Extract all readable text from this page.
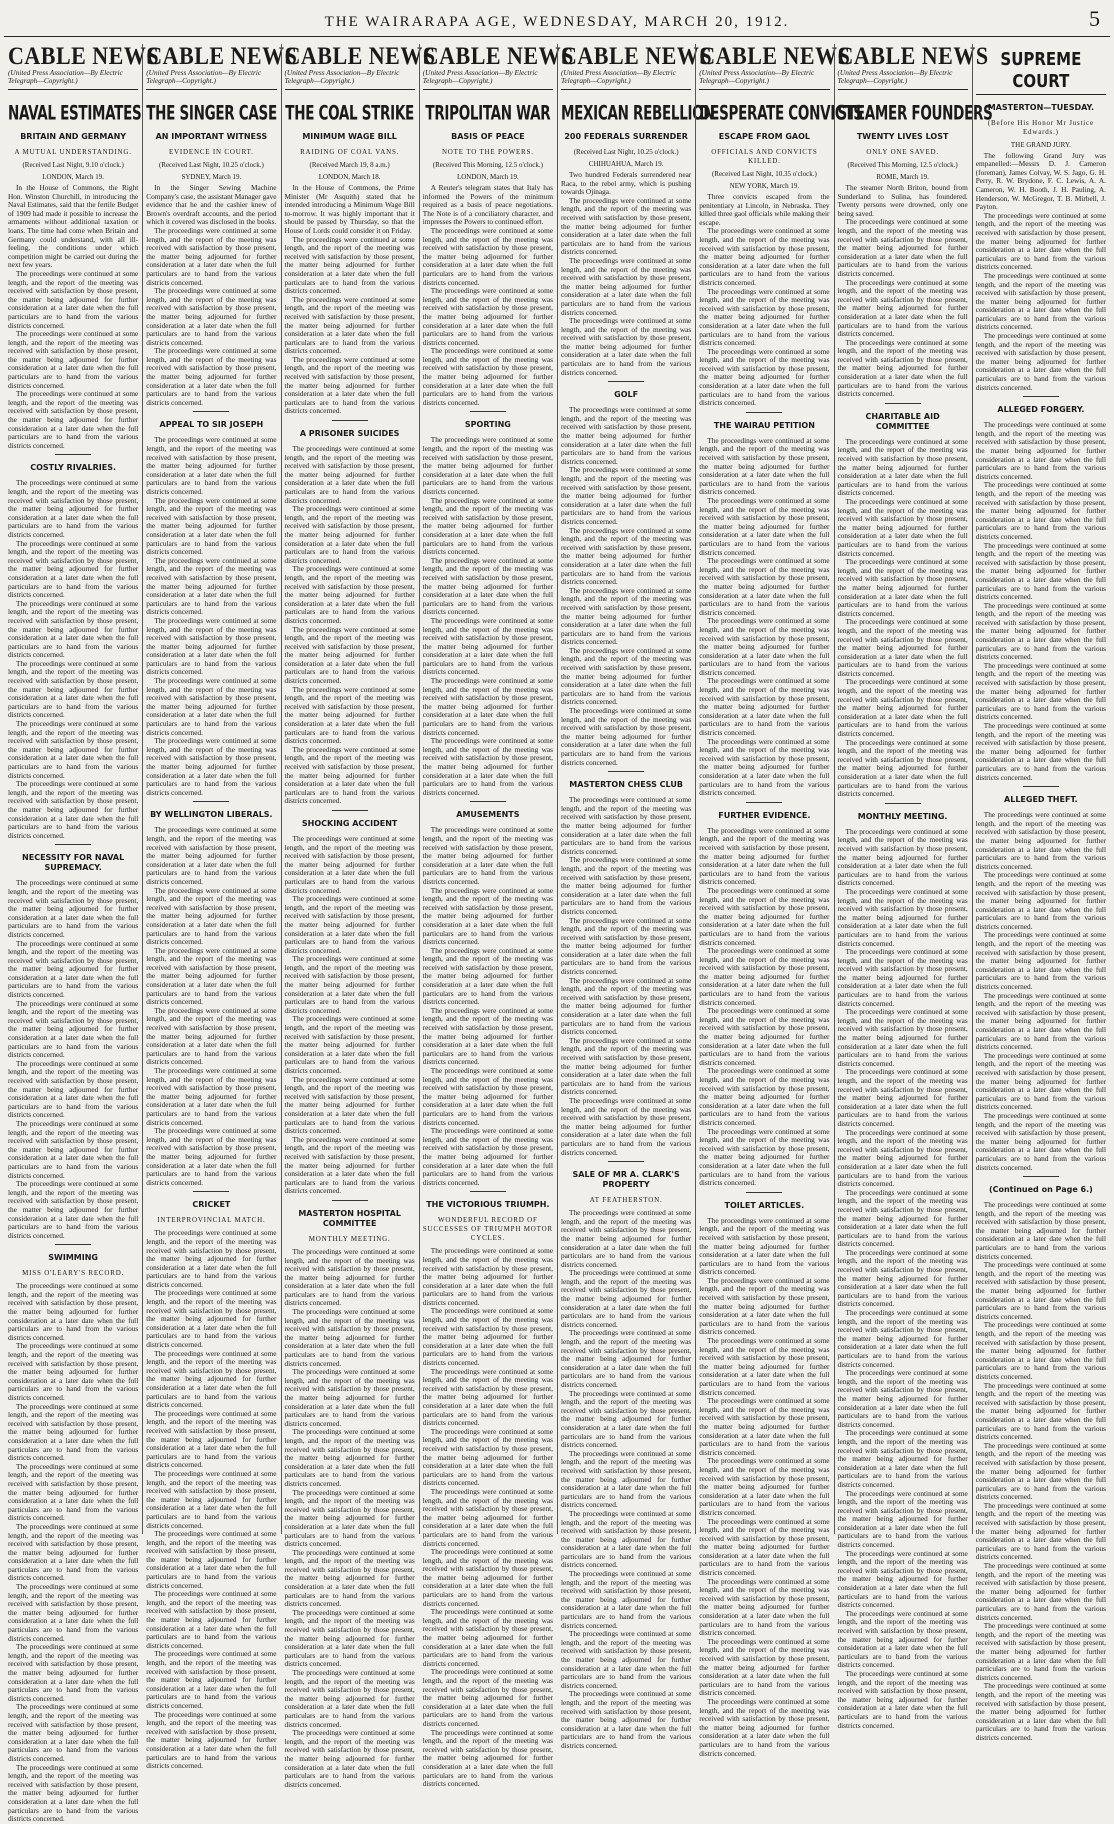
THE WAIRARAPA AGE, WEDNESDAY, MARCH 20, 1912.	5
CABLE NEWS
(United Press Association—By Electric Telegraph—Copyright.)
NAVAL ESTIMATES
BRITAIN AND GERMANY
A MUTUAL UNDERSTANDING.
(Received Last Night, 9.10 o'clock.)
LONDON, March 19.

In the House of Commons, the Right Hon. Winston Churchill, in introducing the Naval Estimates, said that the fertile Budget of 1909 had made it possible to increase the armaments without additional taxation or loans. The time had come when Britain and Germany could understand, with all ill-feeling, the conditions under which competition might be carried out during the next few years.

The proceedings were continued at some length, and the report of the meeting was received with satisfaction by those present, the matter being adjourned for further consideration at a later date when the full particulars are to hand from the various districts concerned.

The proceedings were continued at some length, and the report of the meeting was received with satisfaction by those present, the matter being adjourned for further consideration at a later date when the full particulars are to hand from the various districts concerned.

The proceedings were continued at some length, and the report of the meeting was received with satisfaction by those present, the matter being adjourned for further consideration at a later date when the full particulars are to hand from the various districts concerned.

COSTLY RIVALRIES.

The proceedings were continued at some length, and the report of the meeting was received with satisfaction by those present, the matter being adjourned for further consideration at a later date when the full particulars are to hand from the various districts concerned.

The proceedings were continued at some length, and the report of the meeting was received with satisfaction by those present, the matter being adjourned for further consideration at a later date when the full particulars are to hand from the various districts concerned.

The proceedings were continued at some length, and the report of the meeting was received with satisfaction by those present, the matter being adjourned for further consideration at a later date when the full particulars are to hand from the various districts concerned.

The proceedings were continued at some length, and the report of the meeting was received with satisfaction by those present, the matter being adjourned for further consideration at a later date when the full particulars are to hand from the various districts concerned.

The proceedings were continued at some length, and the report of the meeting was received with satisfaction by those present, the matter being adjourned for further consideration at a later date when the full particulars are to hand from the various districts concerned.

The proceedings were continued at some length, and the report of the meeting was received with satisfaction by those present, the matter being adjourned for further consideration at a later date when the full particulars are to hand from the various districts concerned.

NECESSITY FOR NAVAL SUPREMACY.

The proceedings were continued at some length, and the report of the meeting was received with satisfaction by those present, the matter being adjourned for further consideration at a later date when the full particulars are to hand from the various districts concerned.

The proceedings were continued at some length, and the report of the meeting was received with satisfaction by those present, the matter being adjourned for further consideration at a later date when the full particulars are to hand from the various districts concerned.

The proceedings were continued at some length, and the report of the meeting was received with satisfaction by those present, the matter being adjourned for further consideration at a later date when the full particulars are to hand from the various districts concerned.

The proceedings were continued at some length, and the report of the meeting was received with satisfaction by those present, the matter being adjourned for further consideration at a later date when the full particulars are to hand from the various districts concerned.

The proceedings were continued at some length, and the report of the meeting was received with satisfaction by those present, the matter being adjourned for further consideration at a later date when the full particulars are to hand from the various districts concerned.

The proceedings were continued at some length, and the report of the meeting was received with satisfaction by those present, the matter being adjourned for further consideration at a later date when the full particulars are to hand from the various districts concerned.

SWIMMING
MISS O'LEARY'S RECORD.

The proceedings were continued at some length, and the report of the meeting was received with satisfaction by those present, the matter being adjourned for further consideration at a later date when the full particulars are to hand from the various districts concerned.

The proceedings were continued at some length, and the report of the meeting was received with satisfaction by those present, the matter being adjourned for further consideration at a later date when the full particulars are to hand from the various districts concerned.

The proceedings were continued at some length, and the report of the meeting was received with satisfaction by those present, the matter being adjourned for further consideration at a later date when the full particulars are to hand from the various districts concerned.

The proceedings were continued at some length, and the report of the meeting was received with satisfaction by those present, the matter being adjourned for further consideration at a later date when the full particulars are to hand from the various districts concerned.

The proceedings were continued at some length, and the report of the meeting was received with satisfaction by those present, the matter being adjourned for further consideration at a later date when the full particulars are to hand from the various districts concerned.

The proceedings were continued at some length, and the report of the meeting was received with satisfaction by those present, the matter being adjourned for further consideration at a later date when the full particulars are to hand from the various districts concerned.

The proceedings were continued at some length, and the report of the meeting was received with satisfaction by those present, the matter being adjourned for further consideration at a later date when the full particulars are to hand from the various districts concerned.

The proceedings were continued at some length, and the report of the meeting was received with satisfaction by those present, the matter being adjourned for further consideration at a later date when the full particulars are to hand from the various districts concerned.

The proceedings were continued at some length, and the report of the meeting was received with satisfaction by those present, the matter being adjourned for further consideration at a later date when the full particulars are to hand from the various districts concerned.

CABLE NEWS
(United Press Association—By Electric Telegraph—Copyright.)
THE SINGER CASE
AN IMPORTANT WITNESS
EVIDENCE IN COURT.
(Received Last Night, 10.25 o'clock.)
SYDNEY, March 19.

In the Singer Sewing Machine Company's case, the assistant Manager gave evidence that he and the cashier knew of Brown's overdraft accounts, and the period which it covered was disclosed in the books.

The proceedings were continued at some length, and the report of the meeting was received with satisfaction by those present, the matter being adjourned for further consideration at a later date when the full particulars are to hand from the various districts concerned.

The proceedings were continued at some length, and the report of the meeting was received with satisfaction by those present, the matter being adjourned for further consideration at a later date when the full particulars are to hand from the various districts concerned.

The proceedings were continued at some length, and the report of the meeting was received with satisfaction by those present, the matter being adjourned for further consideration at a later date when the full particulars are to hand from the various districts concerned.

APPEAL TO SIR JOSEPH

The proceedings were continued at some length, and the report of the meeting was received with satisfaction by those present, the matter being adjourned for further consideration at a later date when the full particulars are to hand from the various districts concerned.

The proceedings were continued at some length, and the report of the meeting was received with satisfaction by those present, the matter being adjourned for further consideration at a later date when the full particulars are to hand from the various districts concerned.

The proceedings were continued at some length, and the report of the meeting was received with satisfaction by those present, the matter being adjourned for further consideration at a later date when the full particulars are to hand from the various districts concerned.

The proceedings were continued at some length, and the report of the meeting was received with satisfaction by those present, the matter being adjourned for further consideration at a later date when the full particulars are to hand from the various districts concerned.

The proceedings were continued at some length, and the report of the meeting was received with satisfaction by those present, the matter being adjourned for further consideration at a later date when the full particulars are to hand from the various districts concerned.

The proceedings were continued at some length, and the report of the meeting was received with satisfaction by those present, the matter being adjourned for further consideration at a later date when the full particulars are to hand from the various districts concerned.

BY WELLINGTON LIBERALS.

The proceedings were continued at some length, and the report of the meeting was received with satisfaction by those present, the matter being adjourned for further consideration at a later date when the full particulars are to hand from the various districts concerned.

The proceedings were continued at some length, and the report of the meeting was received with satisfaction by those present, the matter being adjourned for further consideration at a later date when the full particulars are to hand from the various districts concerned.

The proceedings were continued at some length, and the report of the meeting was received with satisfaction by those present, the matter being adjourned for further consideration at a later date when the full particulars are to hand from the various districts concerned.

The proceedings were continued at some length, and the report of the meeting was received with satisfaction by those present, the matter being adjourned for further consideration at a later date when the full particulars are to hand from the various districts concerned.

The proceedings were continued at some length, and the report of the meeting was received with satisfaction by those present, the matter being adjourned for further consideration at a later date when the full particulars are to hand from the various districts concerned.

The proceedings were continued at some length, and the report of the meeting was received with satisfaction by those present, the matter being adjourned for further consideration at a later date when the full particulars are to hand from the various districts concerned.

CRICKET
INTERPROVINCIAL MATCH.

The proceedings were continued at some length, and the report of the meeting was received with satisfaction by those present, the matter being adjourned for further consideration at a later date when the full particulars are to hand from the various districts concerned.

The proceedings were continued at some length, and the report of the meeting was received with satisfaction by those present, the matter being adjourned for further consideration at a later date when the full particulars are to hand from the various districts concerned.

The proceedings were continued at some length, and the report of the meeting was received with satisfaction by those present, the matter being adjourned for further consideration at a later date when the full particulars are to hand from the various districts concerned.

The proceedings were continued at some length, and the report of the meeting was received with satisfaction by those present, the matter being adjourned for further consideration at a later date when the full particulars are to hand from the various districts concerned.

The proceedings were continued at some length, and the report of the meeting was received with satisfaction by those present, the matter being adjourned for further consideration at a later date when the full particulars are to hand from the various districts concerned.

The proceedings were continued at some length, and the report of the meeting was received with satisfaction by those present, the matter being adjourned for further consideration at a later date when the full particulars are to hand from the various districts concerned.

The proceedings were continued at some length, and the report of the meeting was received with satisfaction by those present, the matter being adjourned for further consideration at a later date when the full particulars are to hand from the various districts concerned.

The proceedings were continued at some length, and the report of the meeting was received with satisfaction by those present, the matter being adjourned for further consideration at a later date when the full particulars are to hand from the various districts concerned.

The proceedings were continued at some length, and the report of the meeting was received with satisfaction by those present, the matter being adjourned for further consideration at a later date when the full particulars are to hand from the various districts concerned.

CABLE NEWS
(United Press Association—By Electric Telegraph—Copyright.)
THE COAL STRIKE
MINIMUM WAGE BILL
RAIDING OF COAL VANS.
(Received March 19, 8 a.m.)
LONDON, March 18.

In the House of Commons, the Prime Minister (Mr Asquith) stated that he intended introducing a Minimum Wage Bill to-morrow. It was highly important that it should be passed by Thursday, so that the House of Lords could consider it on Friday.

The proceedings were continued at some length, and the report of the meeting was received with satisfaction by those present, the matter being adjourned for further consideration at a later date when the full particulars are to hand from the various districts concerned.

The proceedings were continued at some length, and the report of the meeting was received with satisfaction by those present, the matter being adjourned for further consideration at a later date when the full particulars are to hand from the various districts concerned.

The proceedings were continued at some length, and the report of the meeting was received with satisfaction by those present, the matter being adjourned for further consideration at a later date when the full particulars are to hand from the various districts concerned.

A PRISONER SUICIDES

The proceedings were continued at some length, and the report of the meeting was received with satisfaction by those present, the matter being adjourned for further consideration at a later date when the full particulars are to hand from the various districts concerned.

The proceedings were continued at some length, and the report of the meeting was received with satisfaction by those present, the matter being adjourned for further consideration at a later date when the full particulars are to hand from the various districts concerned.

The proceedings were continued at some length, and the report of the meeting was received with satisfaction by those present, the matter being adjourned for further consideration at a later date when the full particulars are to hand from the various districts concerned.

The proceedings were continued at some length, and the report of the meeting was received with satisfaction by those present, the matter being adjourned for further consideration at a later date when the full particulars are to hand from the various districts concerned.

The proceedings were continued at some length, and the report of the meeting was received with satisfaction by those present, the matter being adjourned for further consideration at a later date when the full particulars are to hand from the various districts concerned.

The proceedings were continued at some length, and the report of the meeting was received with satisfaction by those present, the matter being adjourned for further consideration at a later date when the full particulars are to hand from the various districts concerned.

SHOCKING ACCIDENT

The proceedings were continued at some length, and the report of the meeting was received with satisfaction by those present, the matter being adjourned for further consideration at a later date when the full particulars are to hand from the various districts concerned.

The proceedings were continued at some length, and the report of the meeting was received with satisfaction by those present, the matter being adjourned for further consideration at a later date when the full particulars are to hand from the various districts concerned.

The proceedings were continued at some length, and the report of the meeting was received with satisfaction by those present, the matter being adjourned for further consideration at a later date when the full particulars are to hand from the various districts concerned.

The proceedings were continued at some length, and the report of the meeting was received with satisfaction by those present, the matter being adjourned for further consideration at a later date when the full particulars are to hand from the various districts concerned.

The proceedings were continued at some length, and the report of the meeting was received with satisfaction by those present, the matter being adjourned for further consideration at a later date when the full particulars are to hand from the various districts concerned.

The proceedings were continued at some length, and the report of the meeting was received with satisfaction by those present, the matter being adjourned for further consideration at a later date when the full particulars are to hand from the various districts concerned.

MASTERTON HOSPITAL COMMITTEE
MONTHLY MEETING.

The proceedings were continued at some length, and the report of the meeting was received with satisfaction by those present, the matter being adjourned for further consideration at a later date when the full particulars are to hand from the various districts concerned.

The proceedings were continued at some length, and the report of the meeting was received with satisfaction by those present, the matter being adjourned for further consideration at a later date when the full particulars are to hand from the various districts concerned.

The proceedings were continued at some length, and the report of the meeting was received with satisfaction by those present, the matter being adjourned for further consideration at a later date when the full particulars are to hand from the various districts concerned.

The proceedings were continued at some length, and the report of the meeting was received with satisfaction by those present, the matter being adjourned for further consideration at a later date when the full particulars are to hand from the various districts concerned.

The proceedings were continued at some length, and the report of the meeting was received with satisfaction by those present, the matter being adjourned for further consideration at a later date when the full particulars are to hand from the various districts concerned.

The proceedings were continued at some length, and the report of the meeting was received with satisfaction by those present, the matter being adjourned for further consideration at a later date when the full particulars are to hand from the various districts concerned.

The proceedings were continued at some length, and the report of the meeting was received with satisfaction by those present, the matter being adjourned for further consideration at a later date when the full particulars are to hand from the various districts concerned.

The proceedings were continued at some length, and the report of the meeting was received with satisfaction by those present, the matter being adjourned for further consideration at a later date when the full particulars are to hand from the various districts concerned.

The proceedings were continued at some length, and the report of the meeting was received with satisfaction by those present, the matter being adjourned for further consideration at a later date when the full particulars are to hand from the various districts concerned.

CABLE NEWS
(United Press Association—By Electric Telegraph—Copyright.)
TRIPOLITAN WAR
BASIS OF PEACE
NOTE TO THE POWERS.
(Received This Morning, 12.5 o'clock.)
LONDON, March 19.

A Reuter's telegram states that Italy has informed the Powers of the minimum required as a basis of peace negotiations. The Note is of a conciliatory character, and impresses the Powers to continued effort.

The proceedings were continued at some length, and the report of the meeting was received with satisfaction by those present, the matter being adjourned for further consideration at a later date when the full particulars are to hand from the various districts concerned.

The proceedings were continued at some length, and the report of the meeting was received with satisfaction by those present, the matter being adjourned for further consideration at a later date when the full particulars are to hand from the various districts concerned.

The proceedings were continued at some length, and the report of the meeting was received with satisfaction by those present, the matter being adjourned for further consideration at a later date when the full particulars are to hand from the various districts concerned.

SPORTING

The proceedings were continued at some length, and the report of the meeting was received with satisfaction by those present, the matter being adjourned for further consideration at a later date when the full particulars are to hand from the various districts concerned.

The proceedings were continued at some length, and the report of the meeting was received with satisfaction by those present, the matter being adjourned for further consideration at a later date when the full particulars are to hand from the various districts concerned.

The proceedings were continued at some length, and the report of the meeting was received with satisfaction by those present, the matter being adjourned for further consideration at a later date when the full particulars are to hand from the various districts concerned.

The proceedings were continued at some length, and the report of the meeting was received with satisfaction by those present, the matter being adjourned for further consideration at a later date when the full particulars are to hand from the various districts concerned.

The proceedings were continued at some length, and the report of the meeting was received with satisfaction by those present, the matter being adjourned for further consideration at a later date when the full particulars are to hand from the various districts concerned.

The proceedings were continued at some length, and the report of the meeting was received with satisfaction by those present, the matter being adjourned for further consideration at a later date when the full particulars are to hand from the various districts concerned.

AMUSEMENTS

The proceedings were continued at some length, and the report of the meeting was received with satisfaction by those present, the matter being adjourned for further consideration at a later date when the full particulars are to hand from the various districts concerned.

The proceedings were continued at some length, and the report of the meeting was received with satisfaction by those present, the matter being adjourned for further consideration at a later date when the full particulars are to hand from the various districts concerned.

The proceedings were continued at some length, and the report of the meeting was received with satisfaction by those present, the matter being adjourned for further consideration at a later date when the full particulars are to hand from the various districts concerned.

The proceedings were continued at some length, and the report of the meeting was received with satisfaction by those present, the matter being adjourned for further consideration at a later date when the full particulars are to hand from the various districts concerned.

The proceedings were continued at some length, and the report of the meeting was received with satisfaction by those present, the matter being adjourned for further consideration at a later date when the full particulars are to hand from the various districts concerned.

The proceedings were continued at some length, and the report of the meeting was received with satisfaction by those present, the matter being adjourned for further consideration at a later date when the full particulars are to hand from the various districts concerned.

THE VICTORIOUS TRIUMPH.
WONDERFUL RECORD OF SUCCESSES OF TRIUMPH MOTOR CYCLES.

The proceedings were continued at some length, and the report of the meeting was received with satisfaction by those present, the matter being adjourned for further consideration at a later date when the full particulars are to hand from the various districts concerned.

The proceedings were continued at some length, and the report of the meeting was received with satisfaction by those present, the matter being adjourned for further consideration at a later date when the full particulars are to hand from the various districts concerned.

The proceedings were continued at some length, and the report of the meeting was received with satisfaction by those present, the matter being adjourned for further consideration at a later date when the full particulars are to hand from the various districts concerned.

The proceedings were continued at some length, and the report of the meeting was received with satisfaction by those present, the matter being adjourned for further consideration at a later date when the full particulars are to hand from the various districts concerned.

The proceedings were continued at some length, and the report of the meeting was received with satisfaction by those present, the matter being adjourned for further consideration at a later date when the full particulars are to hand from the various districts concerned.

The proceedings were continued at some length, and the report of the meeting was received with satisfaction by those present, the matter being adjourned for further consideration at a later date when the full particulars are to hand from the various districts concerned.

The proceedings were continued at some length, and the report of the meeting was received with satisfaction by those present, the matter being adjourned for further consideration at a later date when the full particulars are to hand from the various districts concerned.

The proceedings were continued at some length, and the report of the meeting was received with satisfaction by those present, the matter being adjourned for further consideration at a later date when the full particulars are to hand from the various districts concerned.

The proceedings were continued at some length, and the report of the meeting was received with satisfaction by those present, the matter being adjourned for further consideration at a later date when the full particulars are to hand from the various districts concerned.

CABLE NEWS
(United Press Association—By Electric Telegraph—Copyright.)
MEXICAN REBELLION
200 FEDERALS SURRENDER
(Received Last Night, 10.25 o'clock.)
CHIHUAHUA, March 19.

Two hundred Federals surrendered near Raca, to the rebel army, which is pushing towards Ojinaga.

The proceedings were continued at some length, and the report of the meeting was received with satisfaction by those present, the matter being adjourned for further consideration at a later date when the full particulars are to hand from the various districts concerned.

The proceedings were continued at some length, and the report of the meeting was received with satisfaction by those present, the matter being adjourned for further consideration at a later date when the full particulars are to hand from the various districts concerned.

The proceedings were continued at some length, and the report of the meeting was received with satisfaction by those present, the matter being adjourned for further consideration at a later date when the full particulars are to hand from the various districts concerned.

GOLF

The proceedings were continued at some length, and the report of the meeting was received with satisfaction by those present, the matter being adjourned for further consideration at a later date when the full particulars are to hand from the various districts concerned.

The proceedings were continued at some length, and the report of the meeting was received with satisfaction by those present, the matter being adjourned for further consideration at a later date when the full particulars are to hand from the various districts concerned.

The proceedings were continued at some length, and the report of the meeting was received with satisfaction by those present, the matter being adjourned for further consideration at a later date when the full particulars are to hand from the various districts concerned.

The proceedings were continued at some length, and the report of the meeting was received with satisfaction by those present, the matter being adjourned for further consideration at a later date when the full particulars are to hand from the various districts concerned.

The proceedings were continued at some length, and the report of the meeting was received with satisfaction by those present, the matter being adjourned for further consideration at a later date when the full particulars are to hand from the various districts concerned.

The proceedings were continued at some length, and the report of the meeting was received with satisfaction by those present, the matter being adjourned for further consideration at a later date when the full particulars are to hand from the various districts concerned.

MASTERTON CHESS CLUB

The proceedings were continued at some length, and the report of the meeting was received with satisfaction by those present, the matter being adjourned for further consideration at a later date when the full particulars are to hand from the various districts concerned.

The proceedings were continued at some length, and the report of the meeting was received with satisfaction by those present, the matter being adjourned for further consideration at a later date when the full particulars are to hand from the various districts concerned.

The proceedings were continued at some length, and the report of the meeting was received with satisfaction by those present, the matter being adjourned for further consideration at a later date when the full particulars are to hand from the various districts concerned.

The proceedings were continued at some length, and the report of the meeting was received with satisfaction by those present, the matter being adjourned for further consideration at a later date when the full particulars are to hand from the various districts concerned.

The proceedings were continued at some length, and the report of the meeting was received with satisfaction by those present, the matter being adjourned for further consideration at a later date when the full particulars are to hand from the various districts concerned.

The proceedings were continued at some length, and the report of the meeting was received with satisfaction by those present, the matter being adjourned for further consideration at a later date when the full particulars are to hand from the various districts concerned.

SALE OF MR A. CLARK'S PROPERTY
AT FEATHERSTON.

The proceedings were continued at some length, and the report of the meeting was received with satisfaction by those present, the matter being adjourned for further consideration at a later date when the full particulars are to hand from the various districts concerned.

The proceedings were continued at some length, and the report of the meeting was received with satisfaction by those present, the matter being adjourned for further consideration at a later date when the full particulars are to hand from the various districts concerned.

The proceedings were continued at some length, and the report of the meeting was received with satisfaction by those present, the matter being adjourned for further consideration at a later date when the full particulars are to hand from the various districts concerned.

The proceedings were continued at some length, and the report of the meeting was received with satisfaction by those present, the matter being adjourned for further consideration at a later date when the full particulars are to hand from the various districts concerned.

The proceedings were continued at some length, and the report of the meeting was received with satisfaction by those present, the matter being adjourned for further consideration at a later date when the full particulars are to hand from the various districts concerned.

The proceedings were continued at some length, and the report of the meeting was received with satisfaction by those present, the matter being adjourned for further consideration at a later date when the full particulars are to hand from the various districts concerned.

The proceedings were continued at some length, and the report of the meeting was received with satisfaction by those present, the matter being adjourned for further consideration at a later date when the full particulars are to hand from the various districts concerned.

The proceedings were continued at some length, and the report of the meeting was received with satisfaction by those present, the matter being adjourned for further consideration at a later date when the full particulars are to hand from the various districts concerned.

The proceedings were continued at some length, and the report of the meeting was received with satisfaction by those present, the matter being adjourned for further consideration at a later date when the full particulars are to hand from the various districts concerned.

CABLE NEWS
(United Press Association—By Electric Telegraph—Copyright.)
DESPERATE CONVICTS
ESCAPE FROM GAOL
OFFICIALS AND CONVICTS KILLED.
(Received Last Night, 10.35 o'clock.)
NEW YORK, March 19.

Three convicts escaped from the penitentiary at Lincoln, in Nebraska. They killed three gaol officials while making their escape.

The proceedings were continued at some length, and the report of the meeting was received with satisfaction by those present, the matter being adjourned for further consideration at a later date when the full particulars are to hand from the various districts concerned.

The proceedings were continued at some length, and the report of the meeting was received with satisfaction by those present, the matter being adjourned for further consideration at a later date when the full particulars are to hand from the various districts concerned.

The proceedings were continued at some length, and the report of the meeting was received with satisfaction by those present, the matter being adjourned for further consideration at a later date when the full particulars are to hand from the various districts concerned.

THE WAIRAU PETITION

The proceedings were continued at some length, and the report of the meeting was received with satisfaction by those present, the matter being adjourned for further consideration at a later date when the full particulars are to hand from the various districts concerned.

The proceedings were continued at some length, and the report of the meeting was received with satisfaction by those present, the matter being adjourned for further consideration at a later date when the full particulars are to hand from the various districts concerned.

The proceedings were continued at some length, and the report of the meeting was received with satisfaction by those present, the matter being adjourned for further consideration at a later date when the full particulars are to hand from the various districts concerned.

The proceedings were continued at some length, and the report of the meeting was received with satisfaction by those present, the matter being adjourned for further consideration at a later date when the full particulars are to hand from the various districts concerned.

The proceedings were continued at some length, and the report of the meeting was received with satisfaction by those present, the matter being adjourned for further consideration at a later date when the full particulars are to hand from the various districts concerned.

The proceedings were continued at some length, and the report of the meeting was received with satisfaction by those present, the matter being adjourned for further consideration at a later date when the full particulars are to hand from the various districts concerned.

FURTHER EVIDENCE.

The proceedings were continued at some length, and the report of the meeting was received with satisfaction by those present, the matter being adjourned for further consideration at a later date when the full particulars are to hand from the various districts concerned.

The proceedings were continued at some length, and the report of the meeting was received with satisfaction by those present, the matter being adjourned for further consideration at a later date when the full particulars are to hand from the various districts concerned.

The proceedings were continued at some length, and the report of the meeting was received with satisfaction by those present, the matter being adjourned for further consideration at a later date when the full particulars are to hand from the various districts concerned.

The proceedings were continued at some length, and the report of the meeting was received with satisfaction by those present, the matter being adjourned for further consideration at a later date when the full particulars are to hand from the various districts concerned.

The proceedings were continued at some length, and the report of the meeting was received with satisfaction by those present, the matter being adjourned for further consideration at a later date when the full particulars are to hand from the various districts concerned.

The proceedings were continued at some length, and the report of the meeting was received with satisfaction by those present, the matter being adjourned for further consideration at a later date when the full particulars are to hand from the various districts concerned.

TOILET ARTICLES.

The proceedings were continued at some length, and the report of the meeting was received with satisfaction by those present, the matter being adjourned for further consideration at a later date when the full particulars are to hand from the various districts concerned.

The proceedings were continued at some length, and the report of the meeting was received with satisfaction by those present, the matter being adjourned for further consideration at a later date when the full particulars are to hand from the various districts concerned.

The proceedings were continued at some length, and the report of the meeting was received with satisfaction by those present, the matter being adjourned for further consideration at a later date when the full particulars are to hand from the various districts concerned.

The proceedings were continued at some length, and the report of the meeting was received with satisfaction by those present, the matter being adjourned for further consideration at a later date when the full particulars are to hand from the various districts concerned.

The proceedings were continued at some length, and the report of the meeting was received with satisfaction by those present, the matter being adjourned for further consideration at a later date when the full particulars are to hand from the various districts concerned.

The proceedings were continued at some length, and the report of the meeting was received with satisfaction by those present, the matter being adjourned for further consideration at a later date when the full particulars are to hand from the various districts concerned.

The proceedings were continued at some length, and the report of the meeting was received with satisfaction by those present, the matter being adjourned for further consideration at a later date when the full particulars are to hand from the various districts concerned.

The proceedings were continued at some length, and the report of the meeting was received with satisfaction by those present, the matter being adjourned for further consideration at a later date when the full particulars are to hand from the various districts concerned.

The proceedings were continued at some length, and the report of the meeting was received with satisfaction by those present, the matter being adjourned for further consideration at a later date when the full particulars are to hand from the various districts concerned.

CABLE NEWS
(United Press Association—By Electric Telegraph—Copyright.)
STEAMER FOUNDERS
TWENTY LIVES LOST
ONLY ONE SAVED.
(Received This Morning, 12.5 o'clock.)
ROME, March 19.

The steamer North Briton, bound from Sunderland to Sulina, has foundered. Twenty persons were drowned, only one being saved.

The proceedings were continued at some length, and the report of the meeting was received with satisfaction by those present, the matter being adjourned for further consideration at a later date when the full particulars are to hand from the various districts concerned.

The proceedings were continued at some length, and the report of the meeting was received with satisfaction by those present, the matter being adjourned for further consideration at a later date when the full particulars are to hand from the various districts concerned.

The proceedings were continued at some length, and the report of the meeting was received with satisfaction by those present, the matter being adjourned for further consideration at a later date when the full particulars are to hand from the various districts concerned.

CHARITABLE AID COMMITTEE

The proceedings were continued at some length, and the report of the meeting was received with satisfaction by those present, the matter being adjourned for further consideration at a later date when the full particulars are to hand from the various districts concerned.

The proceedings were continued at some length, and the report of the meeting was received with satisfaction by those present, the matter being adjourned for further consideration at a later date when the full particulars are to hand from the various districts concerned.

The proceedings were continued at some length, and the report of the meeting was received with satisfaction by those present, the matter being adjourned for further consideration at a later date when the full particulars are to hand from the various districts concerned.

The proceedings were continued at some length, and the report of the meeting was received with satisfaction by those present, the matter being adjourned for further consideration at a later date when the full particulars are to hand from the various districts concerned.

The proceedings were continued at some length, and the report of the meeting was received with satisfaction by those present, the matter being adjourned for further consideration at a later date when the full particulars are to hand from the various districts concerned.

The proceedings were continued at some length, and the report of the meeting was received with satisfaction by those present, the matter being adjourned for further consideration at a later date when the full particulars are to hand from the various districts concerned.

MONTHLY MEETING.

The proceedings were continued at some length, and the report of the meeting was received with satisfaction by those present, the matter being adjourned for further consideration at a later date when the full particulars are to hand from the various districts concerned.

The proceedings were continued at some length, and the report of the meeting was received with satisfaction by those present, the matter being adjourned for further consideration at a later date when the full particulars are to hand from the various districts concerned.

The proceedings were continued at some length, and the report of the meeting was received with satisfaction by those present, the matter being adjourned for further consideration at a later date when the full particulars are to hand from the various districts concerned.

The proceedings were continued at some length, and the report of the meeting was received with satisfaction by those present, the matter being adjourned for further consideration at a later date when the full particulars are to hand from the various districts concerned.

The proceedings were continued at some length, and the report of the meeting was received with satisfaction by those present, the matter being adjourned for further consideration at a later date when the full particulars are to hand from the various districts concerned.

The proceedings were continued at some length, and the report of the meeting was received with satisfaction by those present, the matter being adjourned for further consideration at a later date when the full particulars are to hand from the various districts concerned.

The proceedings were continued at some length, and the report of the meeting was received with satisfaction by those present, the matter being adjourned for further consideration at a later date when the full particulars are to hand from the various districts concerned.

The proceedings were continued at some length, and the report of the meeting was received with satisfaction by those present, the matter being adjourned for further consideration at a later date when the full particulars are to hand from the various districts concerned.

The proceedings were continued at some length, and the report of the meeting was received with satisfaction by those present, the matter being adjourned for further consideration at a later date when the full particulars are to hand from the various districts concerned.

The proceedings were continued at some length, and the report of the meeting was received with satisfaction by those present, the matter being adjourned for further consideration at a later date when the full particulars are to hand from the various districts concerned.

The proceedings were continued at some length, and the report of the meeting was received with satisfaction by those present, the matter being adjourned for further consideration at a later date when the full particulars are to hand from the various districts concerned.

The proceedings were continued at some length, and the report of the meeting was received with satisfaction by those present, the matter being adjourned for further consideration at a later date when the full particulars are to hand from the various districts concerned.

The proceedings were continued at some length, and the report of the meeting was received with satisfaction by those present, the matter being adjourned for further consideration at a later date when the full particulars are to hand from the various districts concerned.

The proceedings were continued at some length, and the report of the meeting was received with satisfaction by those present, the matter being adjourned for further consideration at a later date when the full particulars are to hand from the various districts concerned.

The proceedings were continued at some length, and the report of the meeting was received with satisfaction by those present, the matter being adjourned for further consideration at a later date when the full particulars are to hand from the various districts concerned.

SUPREME COURT
MASTERTON—TUESDAY.
(Before His Honor Mr Justice Edwards.)
THE GRAND JURY.

The following Grand Jury was empanelled:—Messrs D. J. Cameron (foreman), James Colvay, W. S. Jago, G. H. Perry, R. W. Brydone, F. C. Lewis, A. A. Cameron, W. H. Booth, J. H. Pauling, A. Henderson, W. McGregor, T. B. Mirbell, J. Payton.

The proceedings were continued at some length, and the report of the meeting was received with satisfaction by those present, the matter being adjourned for further consideration at a later date when the full particulars are to hand from the various districts concerned.

The proceedings were continued at some length, and the report of the meeting was received with satisfaction by those present, the matter being adjourned for further consideration at a later date when the full particulars are to hand from the various districts concerned.

The proceedings were continued at some length, and the report of the meeting was received with satisfaction by those present, the matter being adjourned for further consideration at a later date when the full particulars are to hand from the various districts concerned.

ALLEGED FORGERY.

The proceedings were continued at some length, and the report of the meeting was received with satisfaction by those present, the matter being adjourned for further consideration at a later date when the full particulars are to hand from the various districts concerned.

The proceedings were continued at some length, and the report of the meeting was received with satisfaction by those present, the matter being adjourned for further consideration at a later date when the full particulars are to hand from the various districts concerned.

The proceedings were continued at some length, and the report of the meeting was received with satisfaction by those present, the matter being adjourned for further consideration at a later date when the full particulars are to hand from the various districts concerned.

The proceedings were continued at some length, and the report of the meeting was received with satisfaction by those present, the matter being adjourned for further consideration at a later date when the full particulars are to hand from the various districts concerned.

The proceedings were continued at some length, and the report of the meeting was received with satisfaction by those present, the matter being adjourned for further consideration at a later date when the full particulars are to hand from the various districts concerned.

The proceedings were continued at some length, and the report of the meeting was received with satisfaction by those present, the matter being adjourned for further consideration at a later date when the full particulars are to hand from the various districts concerned.

ALLEGED THEFT.

The proceedings were continued at some length, and the report of the meeting was received with satisfaction by those present, the matter being adjourned for further consideration at a later date when the full particulars are to hand from the various districts concerned.

The proceedings were continued at some length, and the report of the meeting was received with satisfaction by those present, the matter being adjourned for further consideration at a later date when the full particulars are to hand from the various districts concerned.

The proceedings were continued at some length, and the report of the meeting was received with satisfaction by those present, the matter being adjourned for further consideration at a later date when the full particulars are to hand from the various districts concerned.

The proceedings were continued at some length, and the report of the meeting was received with satisfaction by those present, the matter being adjourned for further consideration at a later date when the full particulars are to hand from the various districts concerned.

The proceedings were continued at some length, and the report of the meeting was received with satisfaction by those present, the matter being adjourned for further consideration at a later date when the full particulars are to hand from the various districts concerned.

The proceedings were continued at some length, and the report of the meeting was received with satisfaction by those present, the matter being adjourned for further consideration at a later date when the full particulars are to hand from the various districts concerned.

(Continued on Page 6.)

The proceedings were continued at some length, and the report of the meeting was received with satisfaction by those present, the matter being adjourned for further consideration at a later date when the full particulars are to hand from the various districts concerned.

The proceedings were continued at some length, and the report of the meeting was received with satisfaction by those present, the matter being adjourned for further consideration at a later date when the full particulars are to hand from the various districts concerned.

The proceedings were continued at some length, and the report of the meeting was received with satisfaction by those present, the matter being adjourned for further consideration at a later date when the full particulars are to hand from the various districts concerned.

The proceedings were continued at some length, and the report of the meeting was received with satisfaction by those present, the matter being adjourned for further consideration at a later date when the full particulars are to hand from the various districts concerned.

The proceedings were continued at some length, and the report of the meeting was received with satisfaction by those present, the matter being adjourned for further consideration at a later date when the full particulars are to hand from the various districts concerned.

The proceedings were continued at some length, and the report of the meeting was received with satisfaction by those present, the matter being adjourned for further consideration at a later date when the full particulars are to hand from the various districts concerned.

The proceedings were continued at some length, and the report of the meeting was received with satisfaction by those present, the matter being adjourned for further consideration at a later date when the full particulars are to hand from the various districts concerned.

The proceedings were continued at some length, and the report of the meeting was received with satisfaction by those present, the matter being adjourned for further consideration at a later date when the full particulars are to hand from the various districts concerned.

The proceedings were continued at some length, and the report of the meeting was received with satisfaction by those present, the matter being adjourned for further consideration at a later date when the full particulars are to hand from the various districts concerned.
